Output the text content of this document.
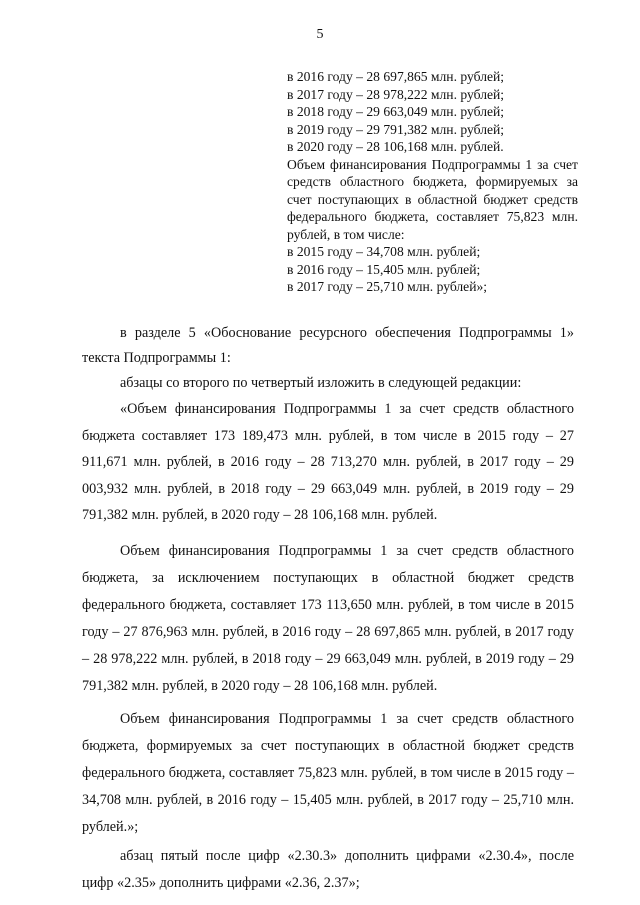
5
в 2016 году – 28 697,865 млн. рублей;
в 2017 году – 28 978,222 млн. рублей;
в 2018 году – 29 663,049 млн. рублей;
в 2019 году – 29 791,382 млн. рублей;
в 2020 году – 28 106,168 млн. рублей.
Объем финансирования Подпрограммы 1 за счет средств областного бюджета, формируемых за счет поступающих в областной бюджет средств федерального бюджета, составляет 75,823 млн. рублей, в том числе:
в 2015 году – 34,708 млн. рублей;
в 2016 году – 15,405 млн. рублей;
в 2017 году – 25,710 млн. рублей»;

в разделе 5 «Обоснование ресурсного обеспечения Подпрограммы 1» текста Подпрограммы 1:

абзацы со второго по четвертый изложить в следующей редакции:

«Объем финансирования Подпрограммы 1 за счет средств областного бюджета составляет 173 189,473 млн. рублей, в том числе в 2015 году – 27 911,671 млн. рублей, в 2016 году – 28 713,270 млн. рублей, в 2017 году – 29 003,932 млн. рублей, в 2018 году – 29 663,049 млн. рублей, в 2019 году – 29 791,382 млн. рублей, в 2020 году – 28 106,168 млн. рублей.

Объем финансирования Подпрограммы 1 за счет средств областного бюджета, за исключением поступающих в областной бюджет средств федерального бюджета, составляет 173 113,650 млн. рублей, в том числе в 2015 году – 27 876,963 млн. рублей, в 2016 году – 28 697,865 млн. рублей, в 2017 году – 28 978,222 млн. рублей, в 2018 году – 29 663,049 млн. рублей, в 2019 году – 29 791,382 млн. рублей, в 2020 году – 28 106,168 млн. рублей.

Объем финансирования Подпрограммы 1 за счет средств областного бюджета, формируемых за счет поступающих в областной бюджет средств федерального бюджета, составляет 75,823 млн. рублей, в том числе в 2015 году – 34,708 млн. рублей, в 2016 году – 15,405 млн. рублей, в 2017 году – 25,710 млн. рублей.»;

абзац пятый после цифр «2.30.3» дополнить цифрами «2.30.4», после цифр «2.35» дополнить цифрами «2.36, 2.37»;
